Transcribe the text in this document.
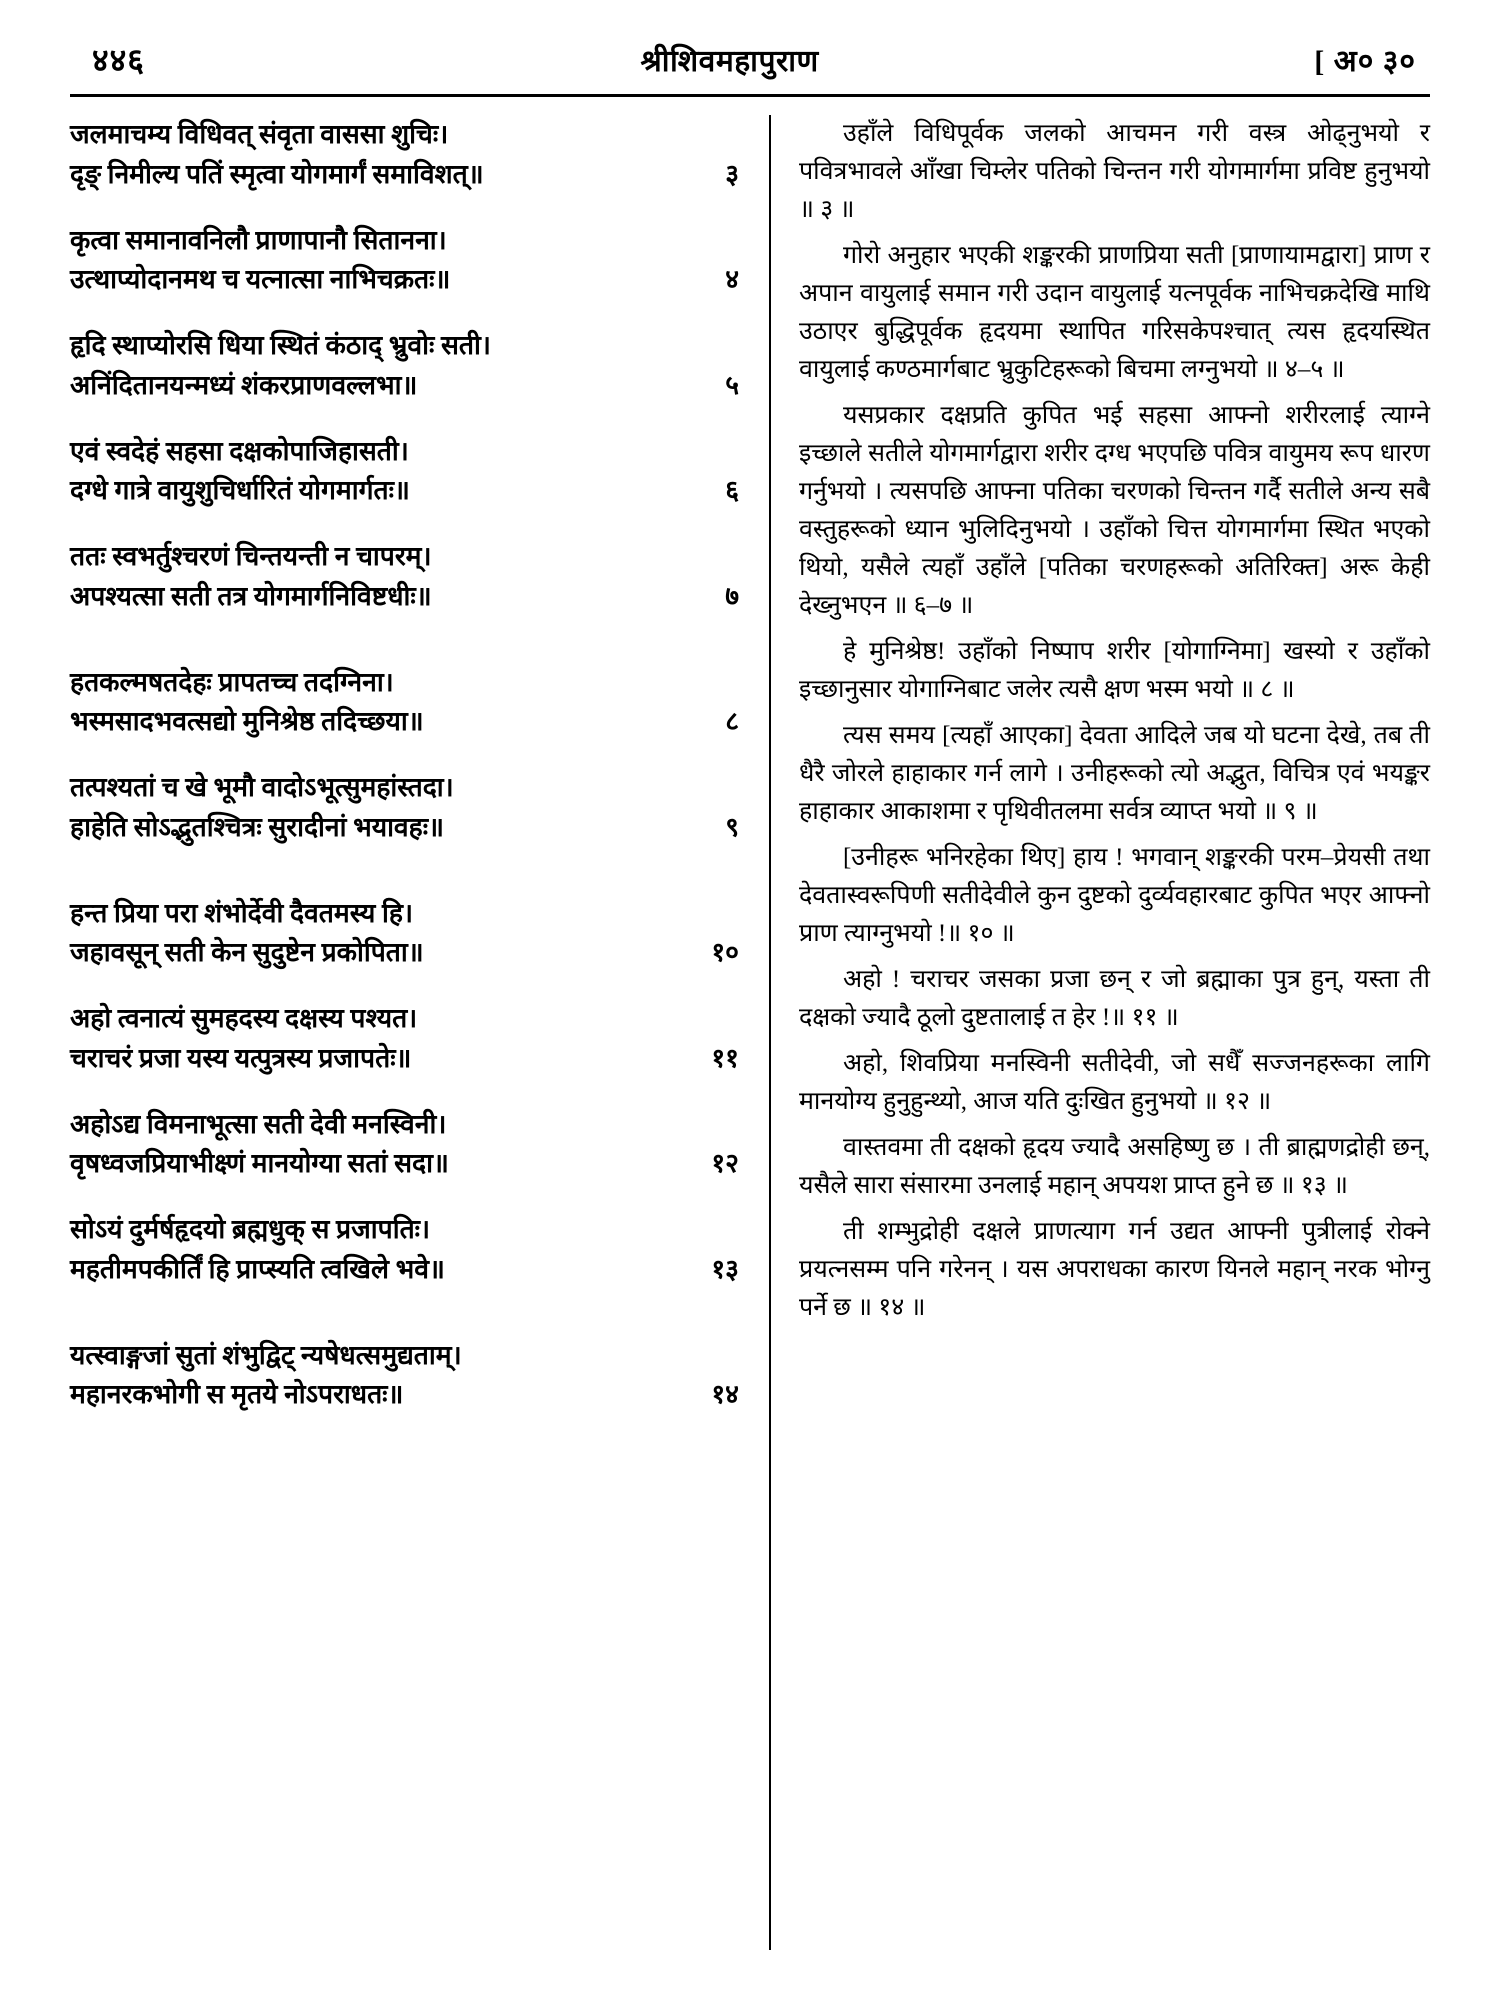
४४६	श्रीशिवमहापुराण	[ अ० ३०
जलमाचम्य विधिवत् संवृता वाससा शुचिः।
दृङ् निमील्य पतिं स्मृत्वा योगमार्गं समाविशत्॥	३
कृत्वा समानावनिलौ प्राणापानौ सितानना।
उत्थाप्योदानमथ च यत्नात्सा नाभिचक्रतः॥	४
हृदि स्थाप्योरसि धिया स्थितं कंठाद् भ्रुवोः सती।
अनिंदितानयन्मध्यं शंकरप्राणवल्लभा॥	५
एवं स्वदेहं सहसा दक्षकोपाजिहासती।
दग्धे गात्रे वायुशुचिर्धारितं योगमार्गतः॥	६
ततः स्वभर्तुश्चरणं चिन्तयन्ती न चापरम्।
अपश्यत्सा सती तत्र योगमार्गनिविष्टधीः॥	७
हतकल्मषतदेहः प्रापतच्च तदग्निना।
भस्मसादभवत्सद्यो मुनिश्रेष्ठ तदिच्छया॥	८
तत्पश्यतां च खे भूमौ वादोऽभूत्सुमहांस्तदा।
हाहेति सोऽद्भुतश्चित्रः सुरादीनां भयावहः॥	९
हन्त प्रिया परा शंभोर्देवी दैवतमस्य हि।
जहावसून् सती केन सुदुष्टेन प्रकोपिता॥	१०
अहो त्वनात्यं सुमहदस्य दक्षस्य पश्यत।
चराचरं प्रजा यस्य यत्पुत्रस्य प्रजापतेः॥	११
अहोऽद्य विमनाभूत्सा सती देवी मनस्विनी।
वृषध्वजप्रियाभीक्ष्णं मानयोग्या सतां सदा॥	१२
सोऽयं दुर्मर्षहृदयो ब्रह्मधुक् स प्रजापतिः।
महतीमपकीर्तिं हि प्राप्स्यति त्वखिले भवे॥	१३
यत्स्वाङ्गजां सुतां शंभुद्विट् न्यषेधत्समुद्यताम्।
महानरकभोगी स मृतये नोऽपराधतः॥	१४

उहाँले विधिपूर्वक जलको आचमन गरी वस्त्र ओढ्नुभयो र पवित्रभावले आँखा चिम्लेर पतिको चिन्तन गरी योगमार्गमा प्रविष्ट हुनुभयो ॥ ३ ॥

गोरो अनुहार भएकी शङ्करकी प्राणप्रिया सती [प्राणायामद्वारा] प्राण र अपान वायुलाई समान गरी उदान वायुलाई यत्नपूर्वक नाभिचक्रदेखि माथि उठाएर बुद्धिपूर्वक हृदयमा स्थापित गरिसकेपश्चात् त्यस हृदयस्थित वायुलाई कण्ठमार्गबाट भ्रुकुटिहरूको बिचमा लग्नुभयो ॥ ४–५ ॥

यसप्रकार दक्षप्रति कुपित भई सहसा आफ्नो शरीरलाई त्याग्ने इच्छाले सतीले योगमार्गद्वारा शरीर दग्ध भएपछि पवित्र वायुमय रूप धारण गर्नुभयो । त्यसपछि आफ्ना पतिका चरणको चिन्तन गर्दै सतीले अन्य सबै वस्तुहरूको ध्यान भुलिदिनुभयो । उहाँको चित्त योगमार्गमा स्थित भएको थियो, यसैले त्यहाँ उहाँले [पतिका चरणहरूको अतिरिक्त] अरू केही देख्नुभएन ॥ ६–७ ॥

हे मुनिश्रेष्ठ! उहाँको निष्पाप शरीर [योगाग्निमा] खस्यो र उहाँको इच्छानुसार योगाग्निबाट जलेर त्यसै क्षण भस्म भयो ॥ ८ ॥

त्यस समय [त्यहाँ आएका] देवता आदिले जब यो घटना देखे, तब ती धैरै जोरले हाहाकार गर्न लागे । उनीहरूको त्यो अद्भुत, विचित्र एवं भयङ्कर हाहाकार आकाशमा र पृथिवीतलमा सर्वत्र व्याप्त भयो ॥ ९ ॥

[उनीहरू भनिरहेका थिए] हाय ! भगवान् शङ्करकी परम–प्रेयसी तथा देवतास्वरूपिणी सतीदेवीले कुन दुष्टको दुर्व्यवहारबाट कुपित भएर आफ्नो प्राण त्याग्नुभयो !॥ १० ॥

अहो ! चराचर जसका प्रजा छन् र जो ब्रह्माका पुत्र हुन्, यस्ता ती दक्षको ज्यादै ठूलो दुष्टतालाई त हेर !॥ ११ ॥

अहो, शिवप्रिया मनस्विनी सतीदेवी, जो सधैँ सज्जनहरूका लागि मानयोग्य हुनुहुन्थ्यो, आज यति दुःखित हुनुभयो ॥ १२ ॥

वास्तवमा ती दक्षको हृदय ज्यादै असहिष्णु छ । ती ब्राह्मणद्रोही छन्, यसैले सारा संसारमा उनलाई महान् अपयश प्राप्त हुने छ ॥ १३ ॥

ती शम्भुद्रोही दक्षले प्राणत्याग गर्न उद्यत आफ्नी पुत्रीलाई रोक्ने प्रयत्नसम्म पनि गरेनन् । यस अपराधका कारण यिनले महान् नरक भोग्नु पर्ने छ ॥ १४ ॥
